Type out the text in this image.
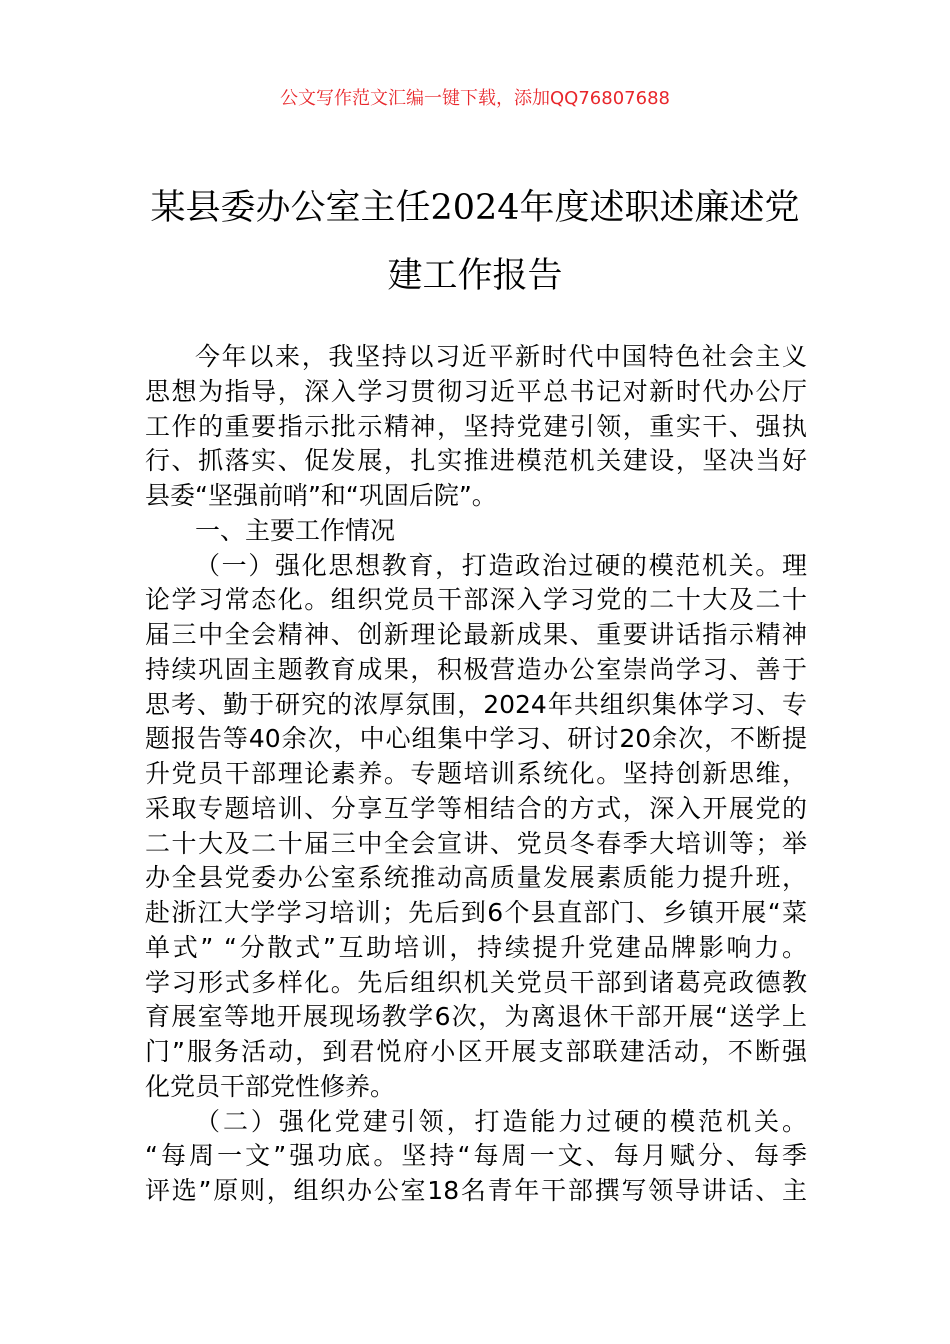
公文写作范文汇编一键下载，添加QQ76807688
某县委办公室主任2024年度述职述廉述党
建工作报告
今年以来，我坚持以习近平新时代中国特色社会主义
思想为指导，深入学习贯彻习近平总书记对新时代办公厅
工作的重要指示批示精神，坚持党建引领，重实干、强执
行、抓落实、促发展，扎实推进模范机关建设，坚决当好
县委“坚强前哨”和“巩固后院”。
一、主要工作情况
（一）强化思想教育，打造政治过硬的模范机关。理
论学习常态化。组织党员干部深入学习党的二十大及二十
届三中全会精神、创新理论最新成果、重要讲话指示精神
持续巩固主题教育成果，积极营造办公室崇尚学习、善于
思考、勤于研究的浓厚氛围，2024年共组织集体学习、专
题报告等40余次，中心组集中学习、研讨20余次，不断提
升党员干部理论素养。专题培训系统化。坚持创新思维，
采取专题培训、分享互学等相结合的方式，深入开展党的
二十大及二十届三中全会宣讲、党员冬春季大培训等；举
办全县党委办公室系统推动高质量发展素质能力提升班，
赴浙江大学学习培训；先后到6个县直部门、乡镇开展“菜
单式” “分散式”互助培训，持续提升党建品牌影响力。
学习形式多样化。先后组织机关党员干部到诸葛亮政德教
育展室等地开展现场教学6次，为离退休干部开展“送学上
门”服务活动，到君悦府小区开展支部联建活动，不断强
化党员干部党性修养。
（二）强化党建引领，打造能力过硬的模范机关。
“每周一文”强功底。坚持“每周一文、每月赋分、每季
评选”原则，组织办公室18名青年干部撰写领导讲话、主
